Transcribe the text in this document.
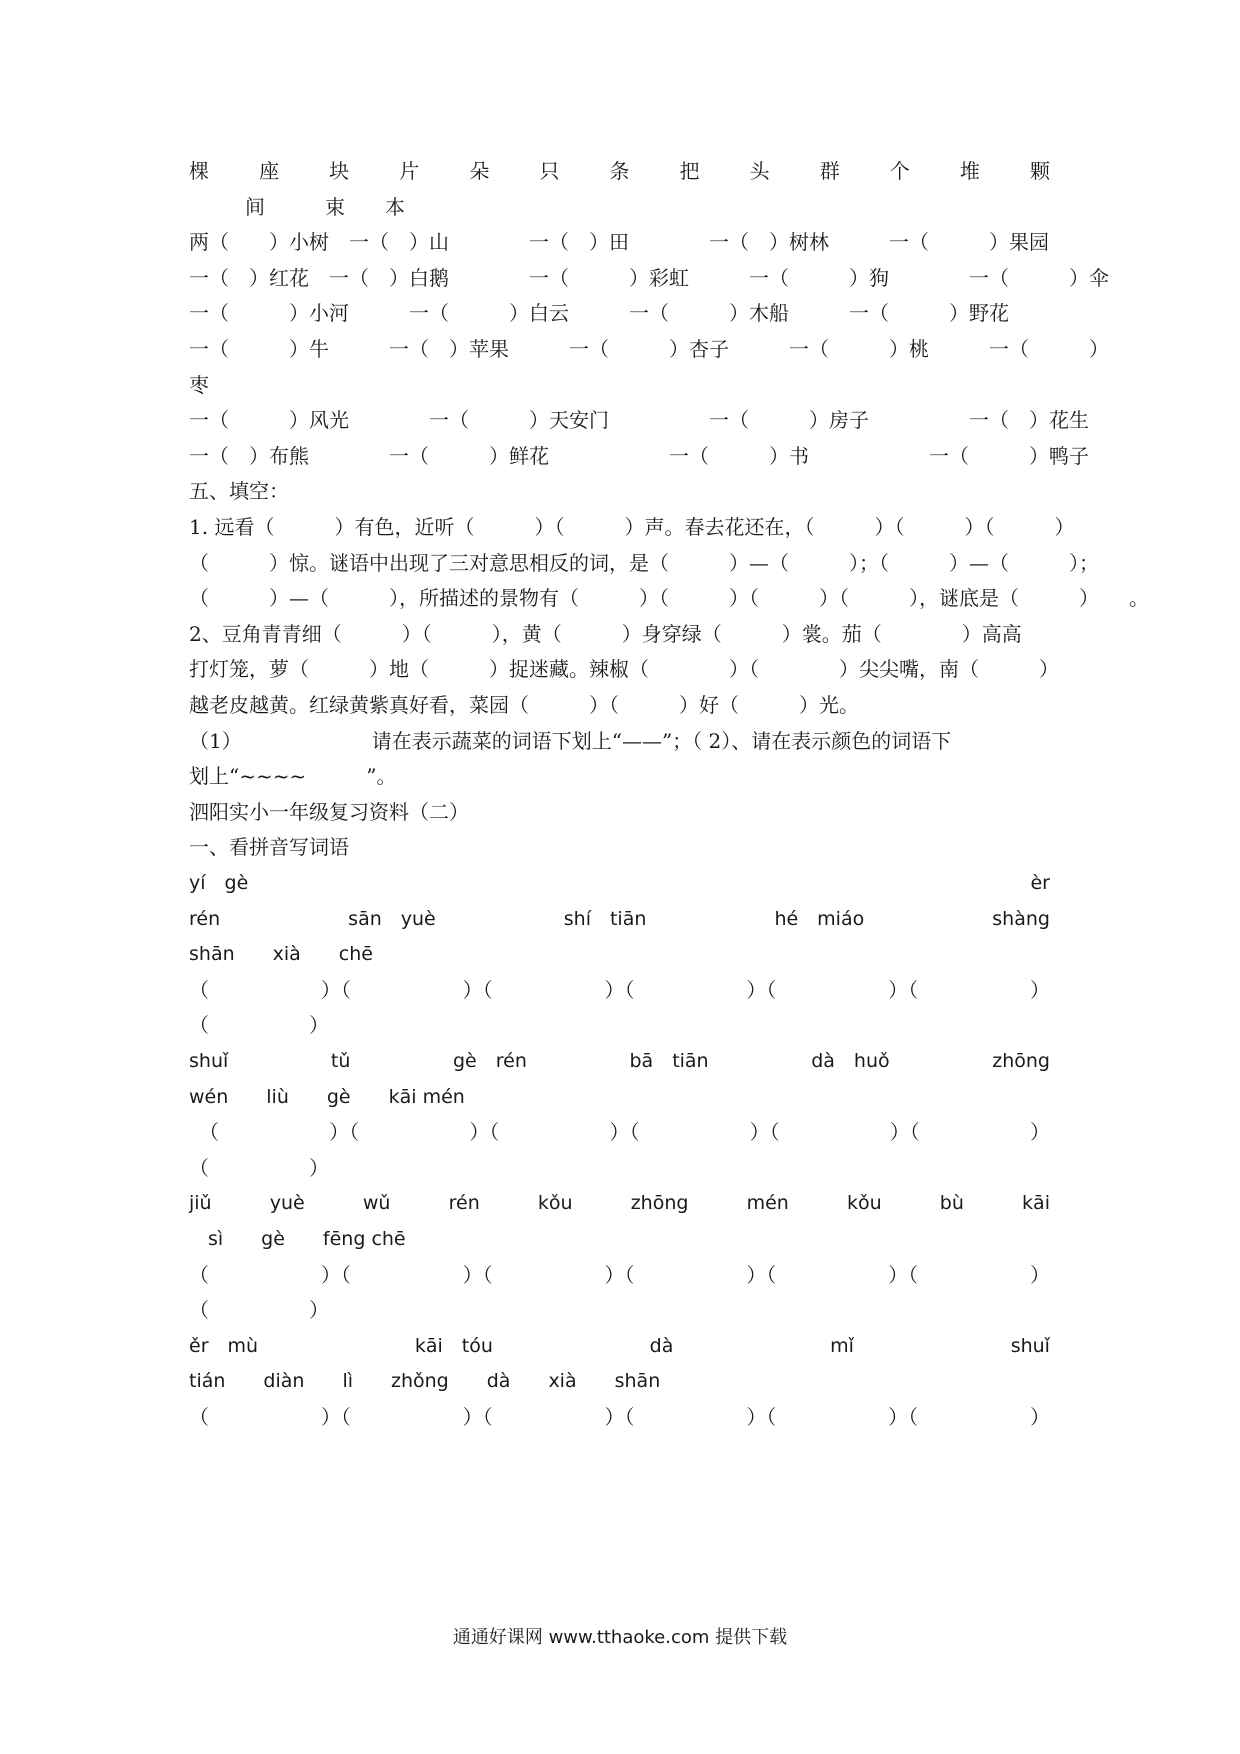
棵	座	块	片	朵	只	条	把	头	群	个	堆	颗
间　　　束　　本
两（　　）小树　一（　）山　　　　一（　）田　　　　一（　）树林　　　一（　　　）果园
一（　）红花　一（　）白鹅　　　　一（　　　）彩虹　　　一（　　　）狗　　　　一（　　　）伞
一（　　　）小河　　　一（　　　）白云　　　一（　　　）木船　　　一（　　　）野花
一（　　　）牛　　　一（　）苹果　　　一（　　　）杏子　　　一（　　　）桃　　　一（　　　）
枣
一（　　　）风光　　　　一（　　　）天安门　　　　　一（　　　）房子　　　　　一（　）花生
一（　）布熊　　　　一（　　　）鲜花　　　　　　一（　　　）书　　　　　　一（　　　）鸭子
五、填空：
1. 远看（　　　）有色，近听（　　　）（　　　）声。春去花还在，（　　　）（　　　）（　　　）
（　　　）惊。谜语中出现了三对意思相反的词，是（　　　）—（　　　）；（　　　）—（　　　）；
（　　　）—（　　　），所描述的景物有（　　　）（　　　）（　　　）（　　　），谜底是（　　　）　　。
2、豆角青青细（　　　）（　　　），黄（　　　）身穿绿（　　　）裳。茄（　　　　）高高
打灯笼，萝（　　　）地（　　　）捉迷藏。辣椒（　　　　）（　　　　）尖尖嘴，南（　　　）
越老皮越黄。红绿黄紫真好看，菜园（　　　）（　　　）好（　　　）光。
（1）　　　　　　　请在表示蔬菜的词语下划上“——”；（ 2）、请在表示颜色的词语下
划上“~~~~　　　”。
泗阳实小一年级复习资料（二）
一、看拼音写词语
yí　gè	èr
rén	sān　yuè	shí　tiān	hé　miáo	shàng
shān　　xià　　chē
（	）（	）（	）（	）（	）（	）
（　　　　　）
shuǐ	tǔ	gè　rén	bā　tiān	dà　huǒ	zhōng
wén　　liù　　gè　　kāi mén
　（	）（	）（	）（	）（	）（	）
（　　　　　）
jiǔ	yuè	wǔ	rén	kǒu	zhōng	mén	kǒu	bù	kāi
　sì　　gè　　fēng chē
（	）（	）（	）（	）（	）（	）
（　　　　　）
ěr　mù	kāi　tóu	dà	mǐ	shuǐ
tián　　diàn　　lì　　zhǒng　　dà　　xià　　shān
（	）（	）（	）（	）（	）（	）
通通好课网 www.tthaoke.com 提供下载
